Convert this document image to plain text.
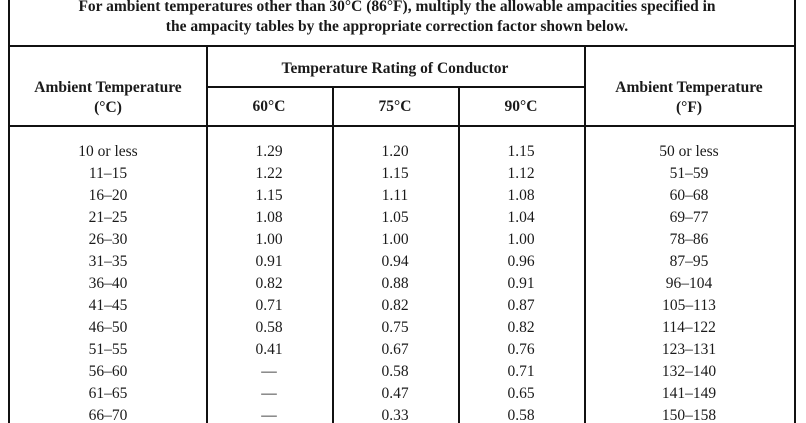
For ambient temperatures other than 30°C (86°F), multiply the allowable ampacities specified in
the ampacity tables by the appropriate correction factor shown below.
Ambient Temperature
(°C)
Temperature Rating of Conductor
60°C	75°C	90°C
Ambient Temperature
(°F)
10 or less	1.29	1.20	1.15	50 or less
11–15	1.22	1.15	1.12	51–59
16–20	1.15	1.11	1.08	60–68
21–25	1.08	1.05	1.04	69–77
26–30	1.00	1.00	1.00	78–86
31–35	0.91	0.94	0.96	87–95
36–40	0.82	0.88	0.91	96–104
41–45	0.71	0.82	0.87	105–113
46–50	0.58	0.75	0.82	114–122
51–55	0.41	0.67	0.76	123–131
56–60	—	0.58	0.71	132–140
61–65	—	0.47	0.65	141–149
66–70	—	0.33	0.58	150–158
